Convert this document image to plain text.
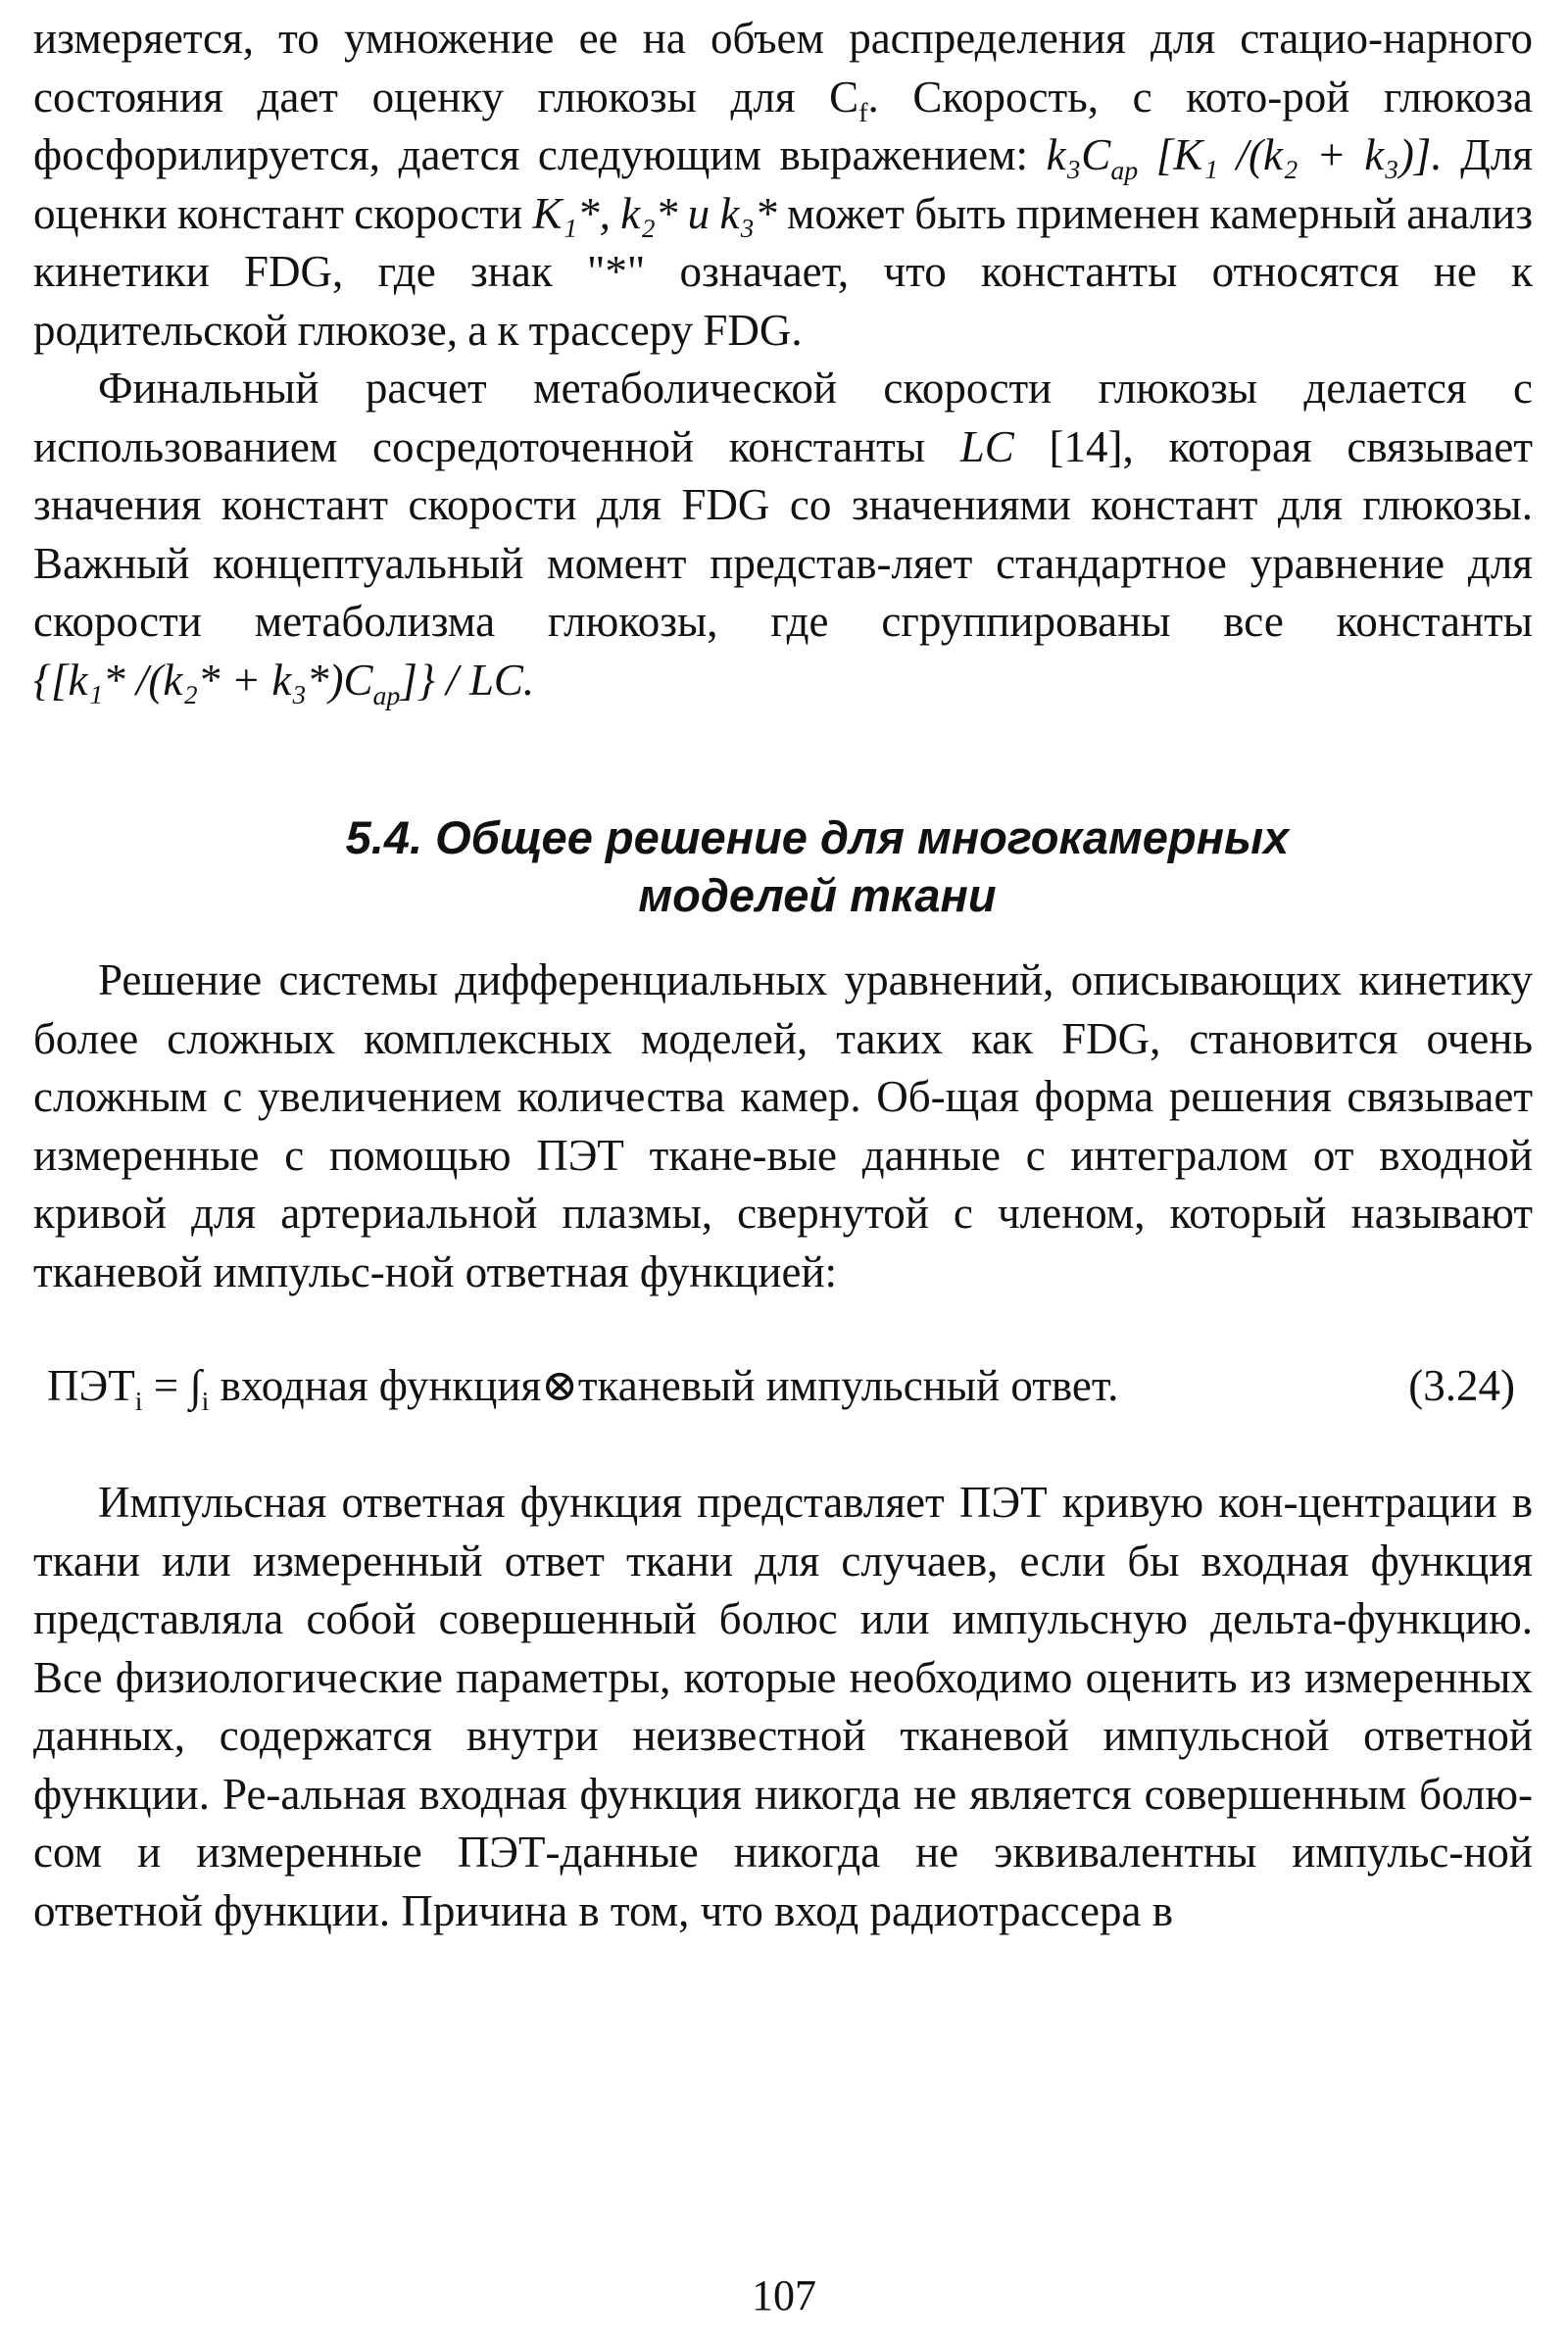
измеряется, то умножение ее на объем распределения для стацио-нарного состояния дает оценку глюкозы для $C_f$. Скорость, с кото-рой глюкоза фосфорилируется, дается следующим выражением: $k_3C_{ap}$ [K₁ /(k₂ + k₃)]. Для оценки констант скорости K₁*, k₂* и k₃* может быть применен камерный анализ кинетики FDG, где знак "*" означает, что константы относятся не к родительской глюкозе, а к трассеру FDG.

Финальный расчет метаболической скорости глюкозы делается с использованием сосредоточенной константы LC [14], которая связывает значения констант скорости для FDG со значениями констант для глюкозы. Важный концептуальный момент представ-ляет стандартное уравнение для скорости метаболизма глюкозы, где сгруппированы все константы {[k₁* $/(k_2* + k_3*)C_{ap}$]} / LC.

5.4. Общее решение для многокамерных
моделей ткани

Решение системы дифференциальных уравнений, описывающих кинетику более сложных комплексных моделей, таких как FDG, становится очень сложным с увеличением количества камер. Об-щая форма решения связывает измеренные с помощью ПЭТ ткане-вые данные с интегралом от входной кривой для артериальной плазмы, свернутой с членом, который называют тканевой импульс-ной ответная функцией:

$ПЭТ_i$
=
$\int_i$
входная функция ⊗ тканевый импульсный ответ.	(3.24)

Импульсная ответная функция представляет ПЭТ кривую кон-центрации в ткани или измеренный ответ ткани для случаев, если бы входная функция представляла собой совершенный болюс или импульсную дельта-функцию. Все физиологические параметры, которые необходимо оценить из измеренных данных, содержатся внутри неизвестной тканевой импульсной ответной функции. Ре-альная входная функция никогда не является совершенным болю-сом и измеренные ПЭТ-данные никогда не эквивалентны импульс-ной ответной функции. Причина в том, что вход радиотрассера в

107
